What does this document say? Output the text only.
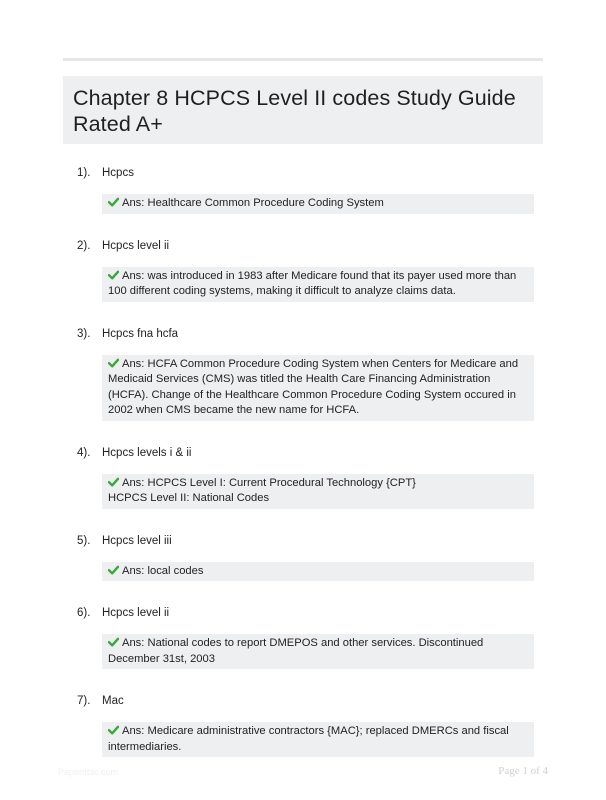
Chapter 8 HCPCS Level II codes Study Guide Rated A+
1).	Hcpcs
Ans: Healthcare Common Procedure Coding System
2).	Hcpcs level ii
Ans: was introduced in 1983 after Medicare found that its payer used more than 100 different coding systems, making it difficult to analyze claims data.
3).	Hcpcs fna hcfa
Ans: HCFA Common Procedure Coding System when Centers for Medicare and Medicaid Services (CMS) was titled the Health Care Financing Administration (HCFA). Change of the Healthcare Common Procedure Coding System occured in 2002 when CMS became the new name for HCFA.
4).	Hcpcs levels i & ii
Ans: HCPCS Level I: Current Procedural Technology {CPT}
HCPCS Level II: National Codes
5).	Hcpcs level iii
Ans: local codes
6).	Hcpcs level ii
Ans: National codes to report DMEPOS and other services. Discontinued December 31st, 2003
7).	Mac
Ans: Medicare administrative contractors {MAC}; replaced DMERCs and fiscal intermediaries.
Paperttbic.com	Page 1 of 4
